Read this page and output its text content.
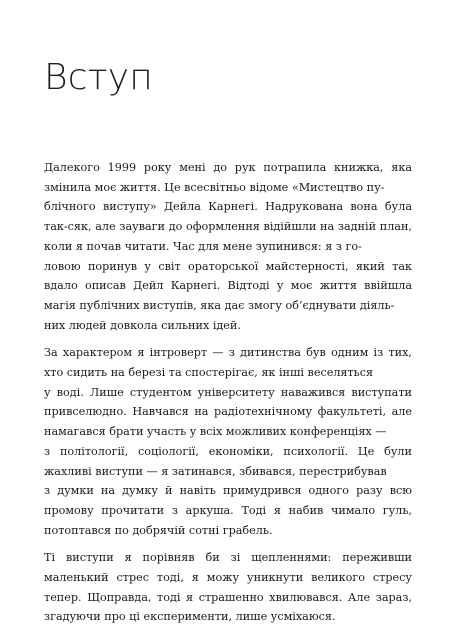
Вступ

Далекого 1999 року мені до рук потрапила книжка, яка змінила моє життя. Це всесвітньо відоме «Мистецтво пу-
блічного виступу» Дейла Карнегі. Надрукована вона була так-сяк, але зауваги до оформлення відійшли на задній план, коли я почав читати. Час для мене зупинився: я з го-
ловою поринув у світ ораторської майстерності, який так вдало описав Дейл Карнегі. Відтоді у моє життя ввійшла магія публічних виступів, яка дає змогу об’єднувати діяль-
них людей довкола сильних ідей.

За характером я інтроверт — з дитинства був одним із тих, хто сидить на березі та спостерігає, як інші веселяться
у воді. Лише студентом університету наважився виступати привселюдно. Навчався на радіотехнічному факультеті, але намагався брати участь у всіх можливих конференціях —
з політології, соціології, економіки, психології. Це були жахливі виступи — я затинався, збивався, перестрибував
з думки на думку й навіть примудрився одного разу всю промову прочитати з аркуша. Тоді я набив чимало гуль, потоптався по добрячій сотні грабель.

Ті виступи я порівняв би зі щепленнями: переживши маленький стрес тоді, я можу уникнути великого стресу тепер. Щоправда, тоді я страшенно хвилювався. Але зараз, згадуючи про ці експерименти, лише усміхаюся.
